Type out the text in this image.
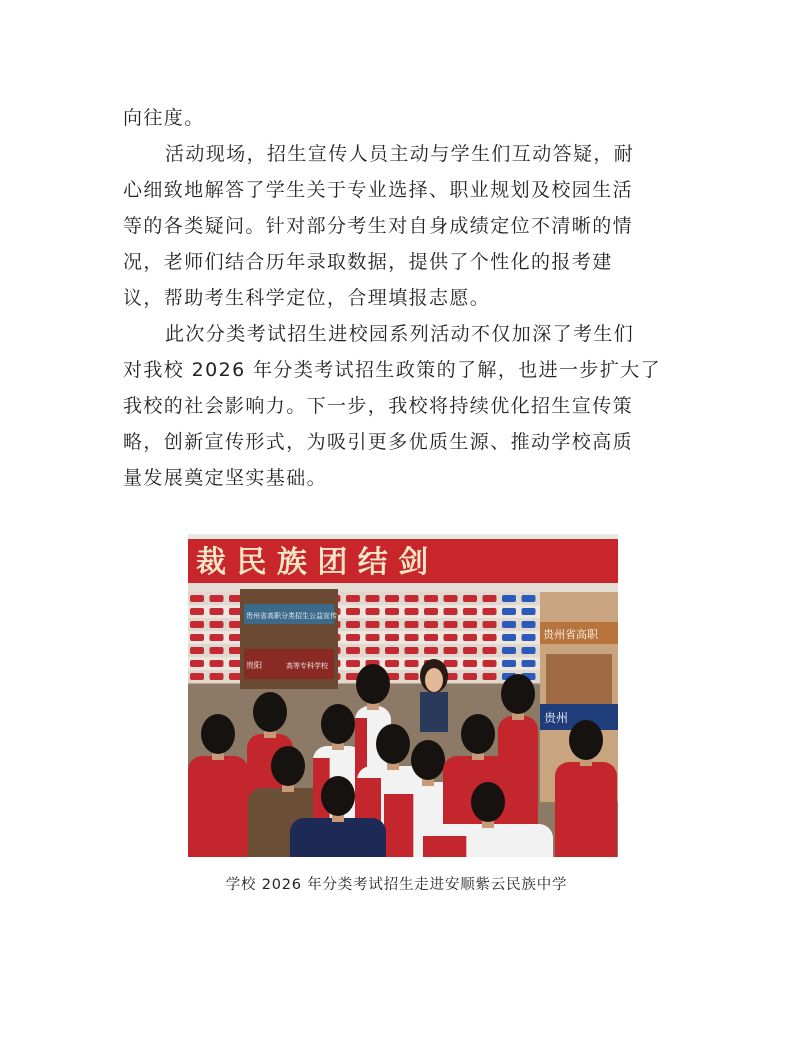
向往度。
活动现场，招生宣传人员主动与学生们互动答疑，耐
心细致地解答了学生关于专业选择、职业规划及校园生活
等的各类疑问。针对部分考生对自身成绩定位不清晰的情
况，老师们结合历年录取数据，提供了个性化的报考建
议，帮助考生科学定位，合理填报志愿。
此次分类考试招生进校园系列活动不仅加深了考生们
对我校 2026 年分类考试招生政策的了解，也进一步扩大了
我校的社会影响力。下一步，我校将持续优化招生宣传策
略，创新宣传形式，为吸引更多优质生源、推动学校高质
量发展奠定坚实基础。
裁 民 族 团 结 剑
贵州省高职分类招生公益宣传
贵阳	高等专科学校
贵州省高职
贵州
学校 2026 年分类考试招生走进安顺紫云民族中学
